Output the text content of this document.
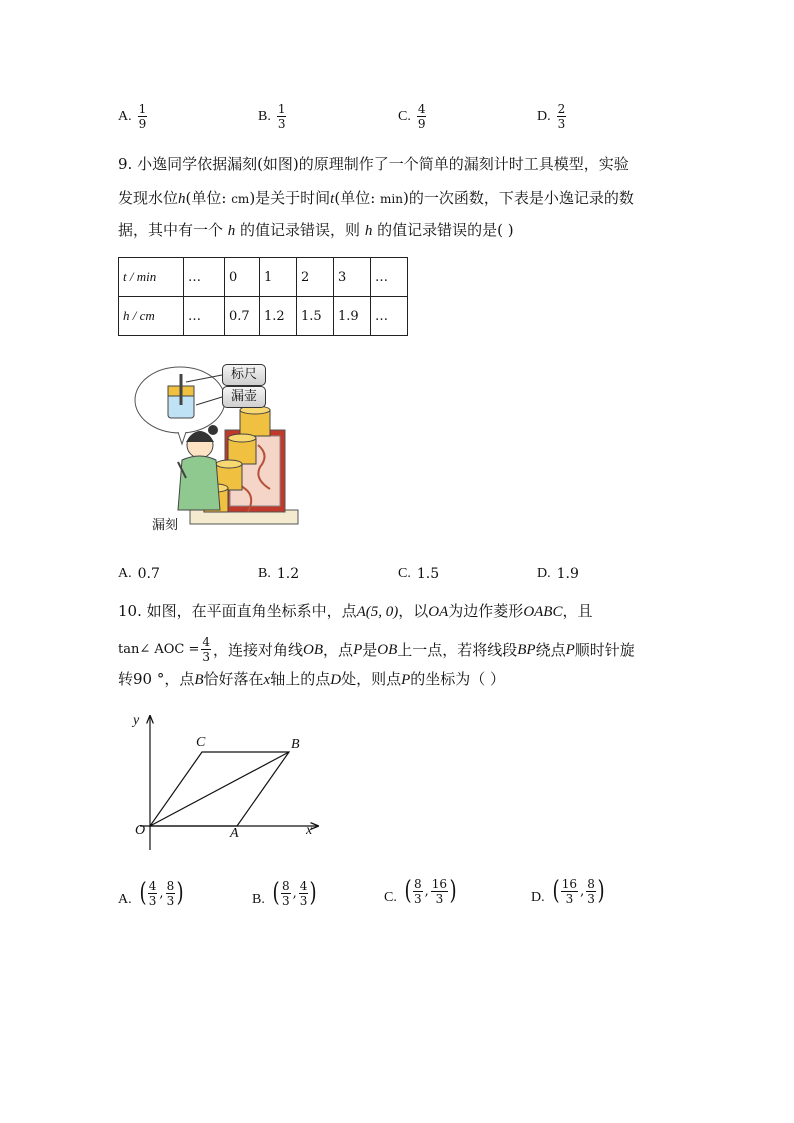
A. $\frac{1}{9}$	B. $\frac{1}{3}$	C. $\frac{4}{9}$	D. $\frac{2}{3}$
9. 小逸同学依据漏刻(如图)的原理制作了一个简单的漏刻计时工具模型，实验
发现水位h(单位: cm)是关于时间t(单位: min)的一次函数，下表是小逸记录的数
据，其中有一个 h 的值记录错误，则 h 的值记录错误的是( )
t / min	…	0	1	2	3	…
h / cm	…	0.7	1.2	1.5	1.9	…
标尺
漏壶
漏刻
A. 0.7	B. 1.2	C. 1.5	D. 1.9
10. 如图，在平面直角坐标系中，点A(5, 0)，以OA为边作菱形OABC，且
tan∠ AOC = $\frac{4}{3}$ ，连接对角线 OB ，点 P 是 OB 上一点，若将线段 BP 绕点 P 顺时针旋
转90 °，点B恰好落在x轴上的点D处，则点P的坐标为（ ）
y
x
O	A
B
C
A. ( $\frac{4}{3}$ , $\frac{8}{3}$ )	B. ( $\frac{8}{3}$ , $\frac{4}{3}$ )	C. ( $\frac{8}{3}$ , $\frac{16}{3}$ )	D. ( $\frac{16}{3}$ , $\frac{8}{3}$ )
